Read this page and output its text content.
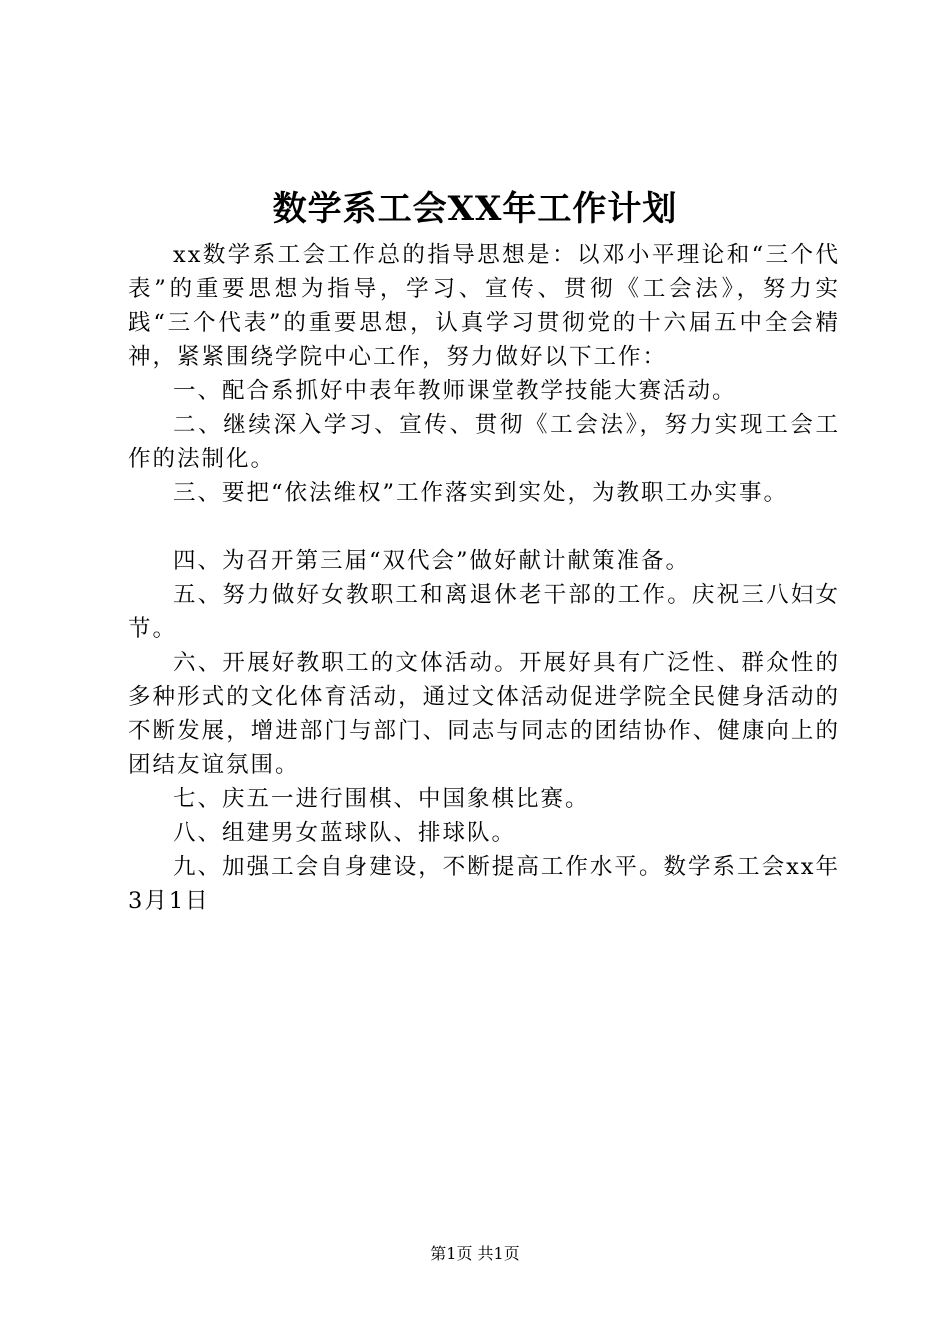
数学系工会XX年工作计划

xx数学系工会工作总的指导思想是：以邓小平理论和“三个代表”的重要思想为指导，学习、宣传、贯彻《工会法》，努力实践“三个代表”的重要思想，认真学习贯彻党的十六届五中全会精神，紧紧围绕学院中心工作，努力做好以下工作：

一、配合系抓好中表年教师课堂教学技能大赛活动。

二、继续深入学习、宣传、贯彻《工会法》，努力实现工会工作的法制化。

三、要把“依法维权”工作落实到实处，为教职工办实事。

四、为召开第三届“双代会”做好献计献策准备。

五、努力做好女教职工和离退休老干部的工作。庆祝三八妇女节。

六、开展好教职工的文体活动。开展好具有广泛性、群众性的多种形式的文化体育活动，通过文体活动促进学院全民健身活动的不断发展，增进部门与部门、同志与同志的团结协作、健康向上的团结友谊氛围。

七、庆五一进行围棋、中国象棋比赛。

八、组建男女蓝球队、排球队。

九、加强工会自身建设，不断提高工作水平。数学系工会xx年3月1日

第1页 共1页
